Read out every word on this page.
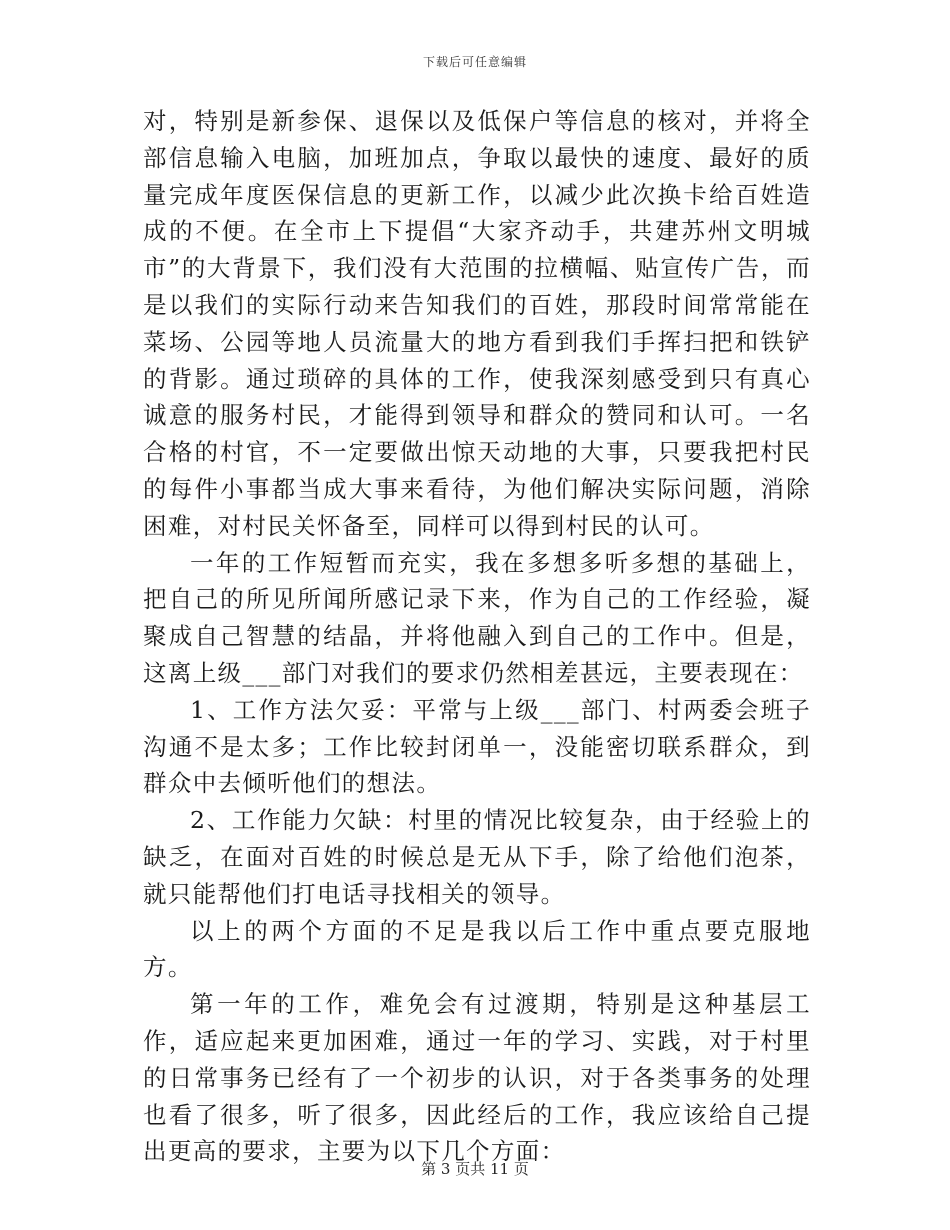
下载后可任意编辑

对，特别是新参保、退保以及低保户等信息的核对，并将全部信息输入电脑，加班加点，争取以最快的速度、最好的质量完成年度医保信息的更新工作，以减少此次换卡给百姓造成的不便。在全市上下提倡“大家齐动手，共建苏州文明城市”的大背景下，我们没有大范围的拉横幅、贴宣传广告，而是以我们的实际行动来告知我们的百姓，那段时间常常能在菜场、公园等地人员流量大的地方看到我们手挥扫把和铁铲的背影。通过琐碎的具体的工作，使我深刻感受到只有真心诚意的服务村民，才能得到领导和群众的赞同和认可。一名合格的村官，不一定要做出惊天动地的大事，只要我把村民的每件小事都当成大事来看待，为他们解决实际问题，消除困难，对村民关怀备至，同样可以得到村民的认可。

一年的工作短暂而充实，我在多想多听多想的基础上，把自己的所见所闻所感记录下来，作为自己的工作经验，凝聚成自己智慧的结晶，并将他融入到自己的工作中。但是，这离上级___部门对我们的要求仍然相差甚远，主要表现在：

1、工作方法欠妥：平常与上级___部门、村两委会班子沟通不是太多；工作比较封闭单一，没能密切联系群众，到群众中去倾听他们的想法。

2、工作能力欠缺：村里的情况比较复杂，由于经验上的缺乏，在面对百姓的时候总是无从下手，除了给他们泡茶，就只能帮他们打电话寻找相关的领导。

以上的两个方面的不足是我以后工作中重点要克服地方。

第一年的工作，难免会有过渡期，特别是这种基层工作，适应起来更加困难，通过一年的学习、实践，对于村里的日常事务已经有了一个初步的认识，对于各类事务的处理也看了很多，听了很多，因此经后的工作，我应该给自己提出更高的要求，主要为以下几个方面：

第 3 页共 11 页
